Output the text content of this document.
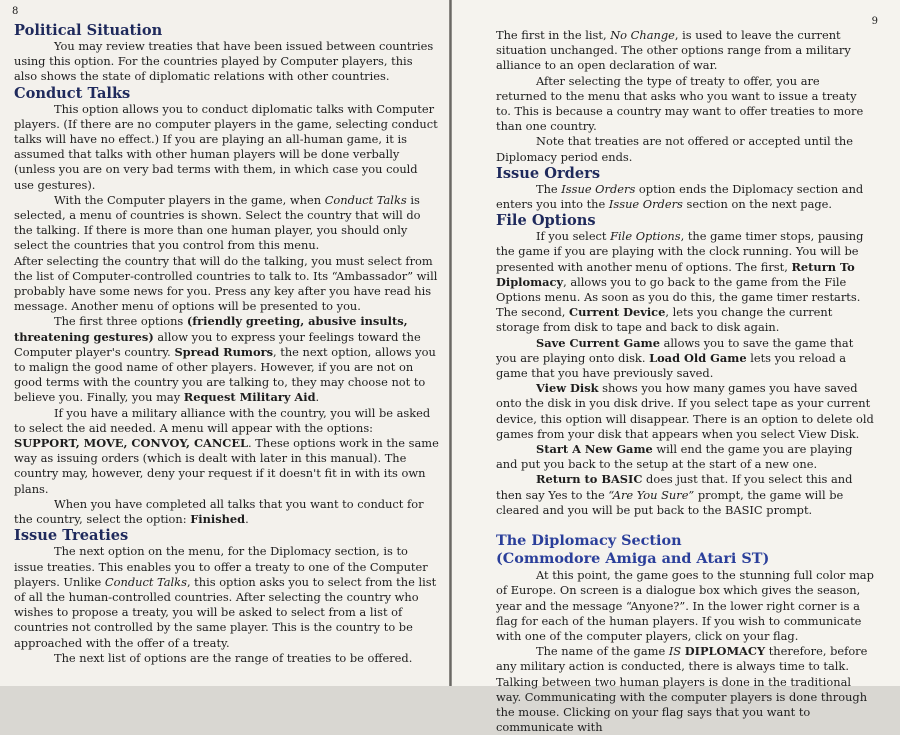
8
Political Situation

You may review treaties that have been issued between countries using this option. For the countries played by Computer players, this also shows the state of diplomatic relations with other countries.

Conduct Talks

This option allows you to conduct diplomatic talks with Computer players. (If there are no computer players in the game, selecting conduct talks will have no effect.) If you are playing an all-human game, it is assumed that talks with other human players will be done verbally (unless you are on very bad terms with them, in which case you could use gestures).

With the Computer players in the game, when Conduct Talks is selected, a menu of countries is shown. Select the country that will do the talking. If there is more than one human player, you should only select the countries that you control from this menu.

After selecting the country that will do the talking, you must select from the list of Computer-controlled countries to talk to. Its “Ambassador” will probably have some news for you. Press any key after you have read his message. Another menu of options will be presented to you.

The first three options (friendly greeting, abusive insults, threatening gestures) allow you to express your feelings toward the Computer player's country. Spread Rumors, the next option, allows you to malign the good name of other players. However, if you are not on good terms with the country you are talking to, they may choose not to believe you. Finally, you may Request Military Aid.

If you have a military alliance with the country, you will be asked to select the aid needed. A menu will appear with the options: SUPPORT, MOVE, CONVOY, CANCEL. These options work in the same way as issuing orders (which is dealt with later in this manual). The country may, however, deny your request if it doesn't fit in with its own plans.

When you have completed all talks that you want to conduct for the country, select the option: Finished.

Issue Treaties

The next option on the menu, for the Diplomacy section, is to issue treaties. This enables you to offer a treaty to one of the Computer players. Unlike Conduct Talks, this option asks you to select from the list of all the human-controlled countries. After selecting the country who wishes to propose a treaty, you will be asked to select from a list of countries not controlled by the same player. This is the country to be approached with the offer of a treaty.

The next list of options are the range of treaties to be offered.

9

The first in the list, No Change, is used to leave the current situation unchanged. The other options range from a military alliance to an open declaration of war.

After selecting the type of treaty to offer, you are returned to the menu that asks who you want to issue a treaty to. This is because a country may want to offer treaties to more than one country.

Note that treaties are not offered or accepted until the Diplomacy period ends.

Issue Orders

The Issue Orders option ends the Diplomacy section and enters you into the Issue Orders section on the next page.

File Options

If you select File Options, the game timer stops, pausing the game if you are playing with the clock running. You will be presented with another menu of options. The first, Return To Diplomacy, allows you to go back to the game from the File Options menu. As soon as you do this, the game timer restarts. The second, Current Device, lets you change the current storage from disk to tape and back to disk again.

Save Current Game allows you to save the game that you are playing onto disk. Load Old Game lets you reload a game that you have previously saved.

View Disk shows you how many games you have saved onto the disk in you disk drive. If you select tape as your current device, this option will disappear. There is an option to delete old games from your disk that appears when you select View Disk.

Start A New Game will end the game you are playing and put you back to the setup at the start of a new one.

Return to BASIC does just that. If you select this and then say Yes to the “Are You Sure” prompt, the game will be cleared and you will be put back to the BASIC prompt.

The Diplomacy Section
(Commodore Amiga and Atari ST)

At this point, the game goes to the stunning full color map of Europe. On screen is a dialogue box which gives the season, year and the message “Anyone?”. In the lower right corner is a flag for each of the human players. If you wish to communicate with one of the computer players, click on your flag.

The name of the game IS DIPLOMACY therefore, before any military action is conducted, there is always time to talk. Talking between two human players is done in the traditional way. Communicating with the computer players is done through the mouse. Clicking on your flag says that you want to communicate with
